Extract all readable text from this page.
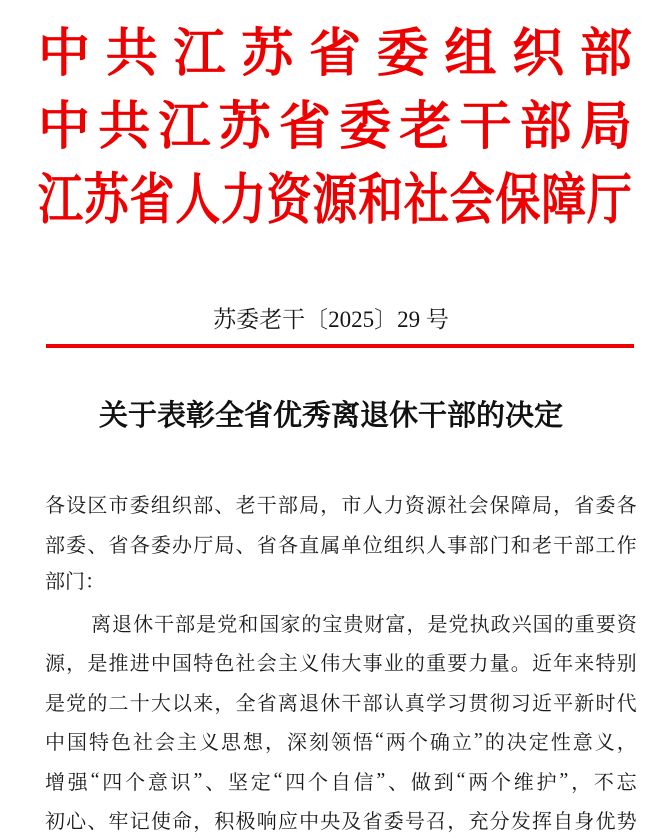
中 共 江 苏 省 委 组 织 部
中 共 江 苏 省 委 老 干 部 局
江 苏 省 人 力 资 源 和 社 会 保 障 厅
苏委老干〔2025〕29 号
关于表彰全省优秀离退休干部的决定
各 设 区 市 委 组 织 部 、 老 干 部 局 ， 市 人 力 资 源 社 会 保 障 局 ， 省 委 各
部 委 、 省 各 委 办 厅 局 、 省 各 直 属 单 位 组 织 人 事 部 门 和 老 干 部 工 作
部门：
离 退 休 干 部 是 党 和 国 家 的 宝 贵 财 富 ， 是 党 执 政 兴 国 的 重 要 资
源 ， 是 推 进 中 国 特 色 社 会 主 义 伟 大 事 业 的 重 要 力 量 。 近 年 来 特 别
是 党 的 二 十 大 以 来 ， 全 省 离 退 休 干 部 认 真 学 习 贯 彻 习 近 平 新 时 代
中 国 特 色 社 会 主 义 思 想 ， 深 刻 领 悟 “ 两 个 确 立 ” 的 决 定 性 意 义 ，
增 强 “ 四 个 意 识 ” 、 坚 定 “ 四 个 自 信 ” 、 做 到 “ 两 个 维 护 ” ， 不 忘
初 心 、 牢 记 使 命 ， 积 极 响 应 中 央 及 省 委 号 召 ， 充 分 发 挥 自 身 优 势
